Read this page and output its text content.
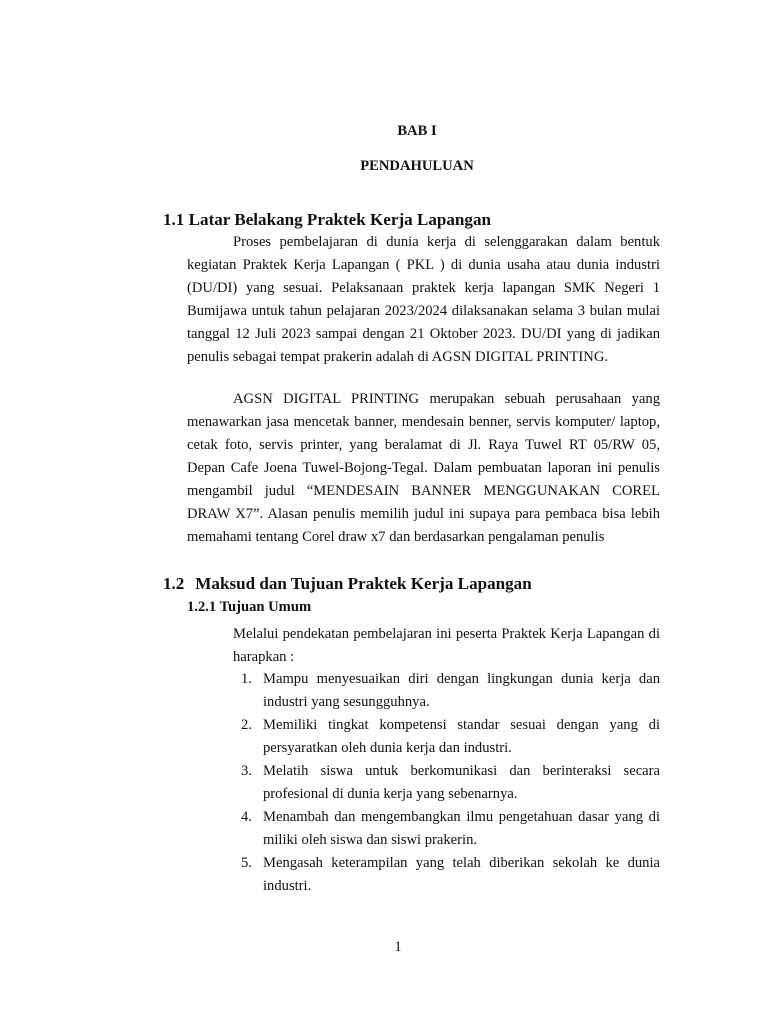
BAB I
PENDAHULUAN
1.1 Latar Belakang Praktek Kerja Lapangan

Proses pembelajaran di dunia kerja di selenggarakan dalam bentuk kegiatan Praktek Kerja Lapangan ( PKL ) di dunia usaha atau dunia industri (DU/DI) yang sesuai. Pelaksanaan praktek kerja lapangan SMK Negeri 1 Bumijawa untuk tahun pelajaran 2023/2024 dilaksanakan selama 3 bulan mulai tanggal 12 Juli 2023 sampai dengan 21 Oktober 2023. DU/DI yang di jadikan penulis sebagai tempat prakerin adalah di AGSN DIGITAL PRINTING.

AGSN DIGITAL PRINTING merupakan sebuah perusahaan yang menawarkan jasa mencetak banner, mendesain benner, servis komputer/ laptop, cetak foto, servis printer, yang beralamat di Jl. Raya Tuwel RT 05/RW 05, Depan Cafe Joena Tuwel-Bojong-Tegal. Dalam pembuatan laporan ini penulis mengambil judul “MENDESAIN BANNER MENGGUNAKAN COREL DRAW X7”. Alasan penulis memilih judul ini supaya para pembaca bisa lebih memahami tentang Corel draw x7 dan berdasarkan pengalaman penulis

1.2 Maksud dan Tujuan Praktek Kerja Lapangan
1.2.1 Tujuan Umum

Melalui pendekatan pembelajaran ini peserta Praktek Kerja Lapangan di harapkan :

1. Mampu menyesuaikan diri dengan lingkungan dunia kerja dan industri yang sesungguhnya.
2. Memiliki tingkat kompetensi standar sesuai dengan yang di persyaratkan oleh dunia kerja dan industri.
3. Melatih siswa untuk berkomunikasi dan berinteraksi secara profesional di dunia kerja yang sebenarnya.
4. Menambah dan mengembangkan ilmu pengetahuan dasar yang di miliki oleh siswa dan siswi prakerin.
5. Mengasah keterampilan yang telah diberikan sekolah ke dunia industri.
1
